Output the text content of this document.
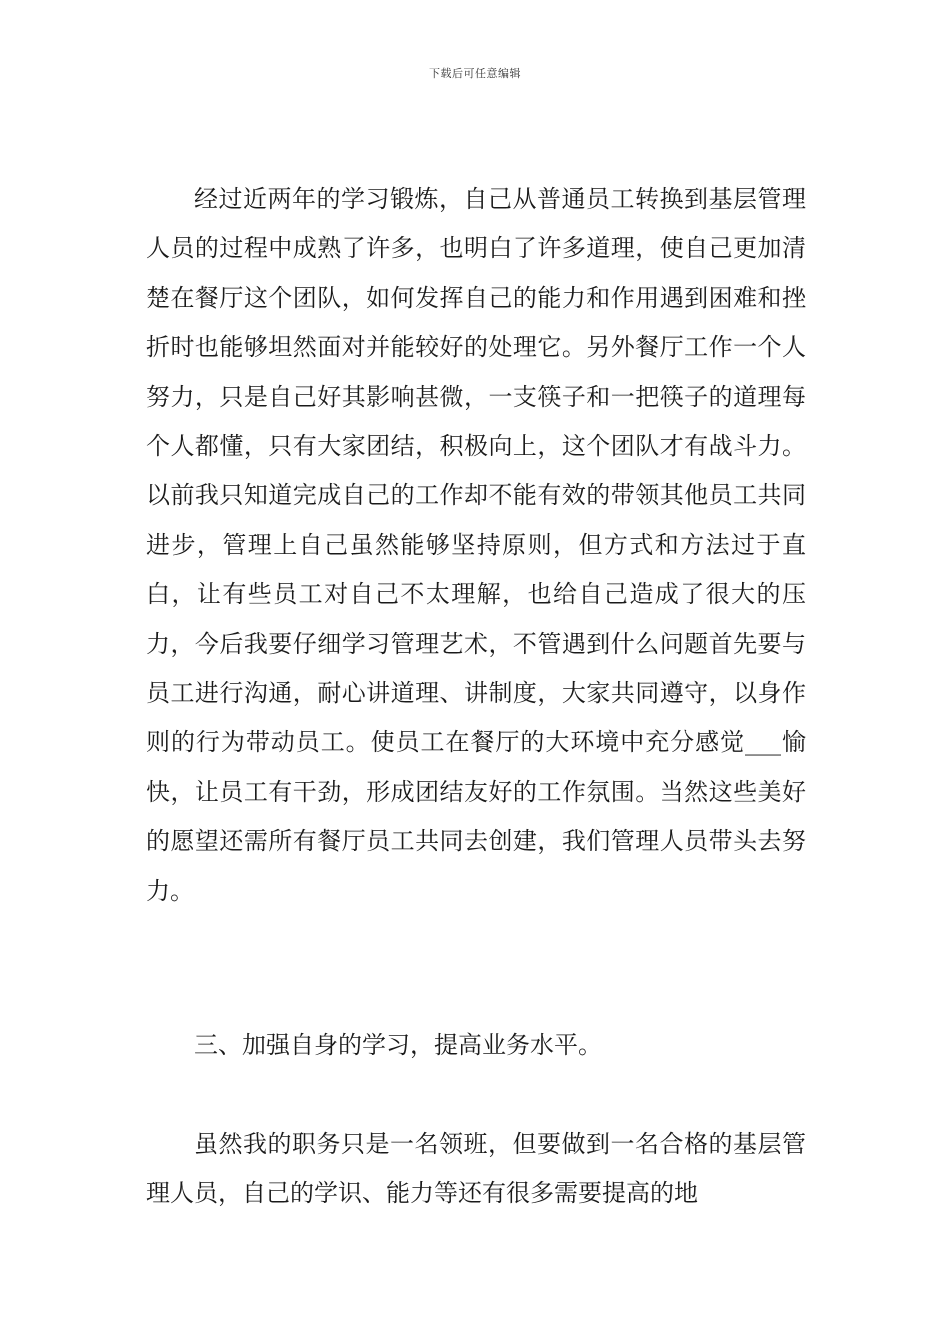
下载后可任意编辑

经过近两年的学习锻炼，自己从普通员工转换到基层管理人员的过程中成熟了许多，也明白了许多道理，使自己更加清楚在餐厅这个团队，如何发挥自己的能力和作用遇到困难和挫折时也能够坦然面对并能较好的处理它。另外餐厅工作一个人努力，只是自己好其影响甚微，一支筷子和一把筷子的道理每个人都懂，只有大家团结，积极向上，这个团队才有战斗力。以前我只知道完成自己的工作却不能有效的带领其他员工共同进步，管理上自己虽然能够坚持原则，但方式和方法过于直白，让有些员工对自己不太理解，也给自己造成了很大的压力，今后我要仔细学习管理艺术，不管遇到什么问题首先要与员工进行沟通，耐心讲道理、讲制度，大家共同遵守，以身作则的行为带动员工。使员工在餐厅的大环境中充分感觉___愉快，让员工有干劲，形成团结友好的工作氛围。当然这些美好的愿望还需所有餐厅员工共同去创建，我们管理人员带头去努力。

三、加强自身的学习，提高业务水平。

虽然我的职务只是一名领班，但要做到一名合格的基层管理人员，自己的学识、能力等还有很多需要提高的地
